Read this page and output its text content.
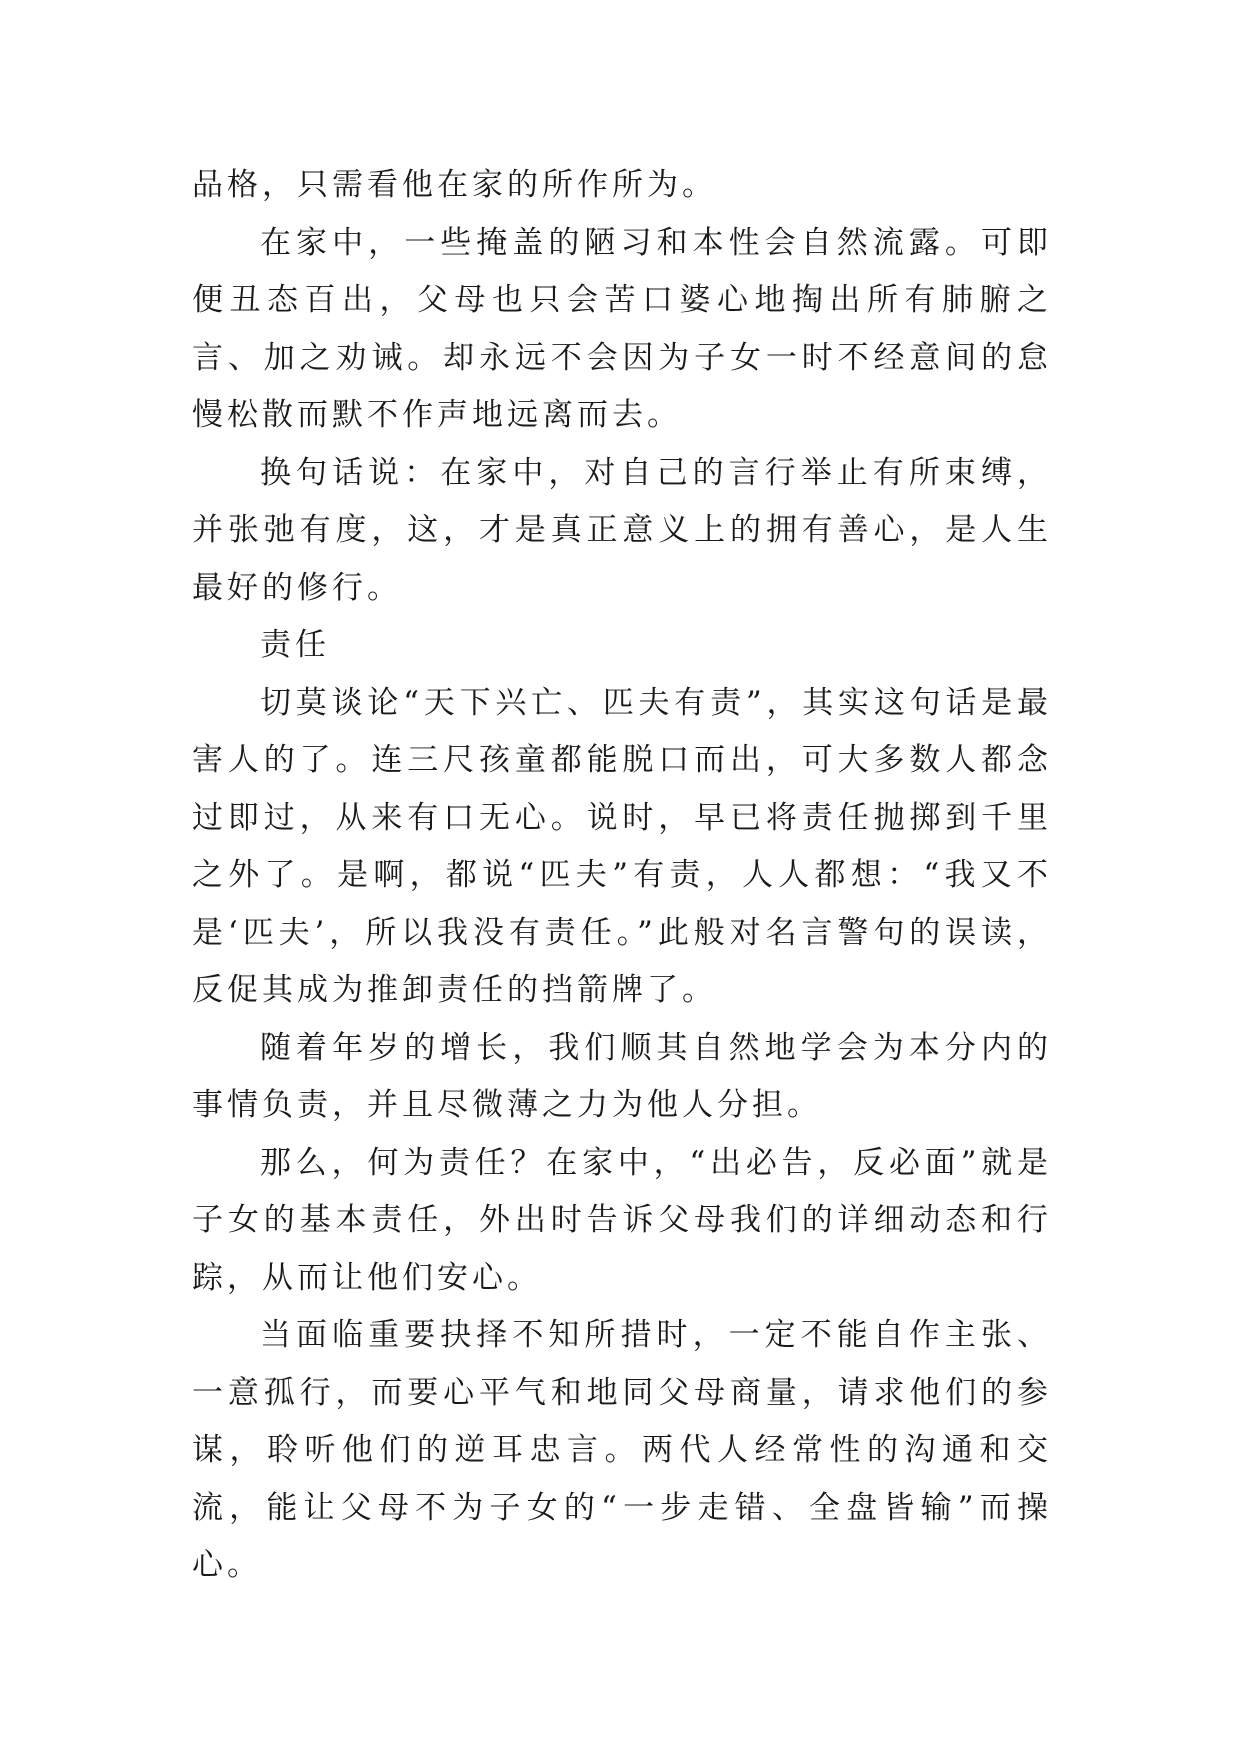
品格，只需看他在家的所作所为。

在家中，一些掩盖的陋习和本性会自然流露。可即便丑态百出，父母也只会苦口婆心地掏出所有肺腑之言、加之劝诫。却永远不会因为子女一时不经意间的怠慢松散而默不作声地远离而去。

换句话说：在家中，对自己的言行举止有所束缚，并张弛有度，这，才是真正意义上的拥有善心，是人生最好的修行。

责任

切莫谈论“天下兴亡、匹夫有责”，其实这句话是最害人的了。连三尺孩童都能脱口而出，可大多数人都念过即过，从来有口无心。说时，早已将责任抛掷到千里之外了。是啊，都说“匹夫”有责，人人都想：“我又不是‘匹夫’，所以我没有责任。”此般对名言警句的误读，反促其成为推卸责任的挡箭牌了。

随着年岁的增长，我们顺其自然地学会为本分内的事情负责，并且尽微薄之力为他人分担。

那么，何为责任？在家中，“出必告，反必面”就是子女的基本责任，外出时告诉父母我们的详细动态和行踪，从而让他们安心。

当面临重要抉择不知所措时，一定不能自作主张、一意孤行，而要心平气和地同父母商量，请求他们的参谋，聆听他们的逆耳忠言。两代人经常性的沟通和交流，能让父母不为子女的“一步走错、全盘皆输”而操心。
